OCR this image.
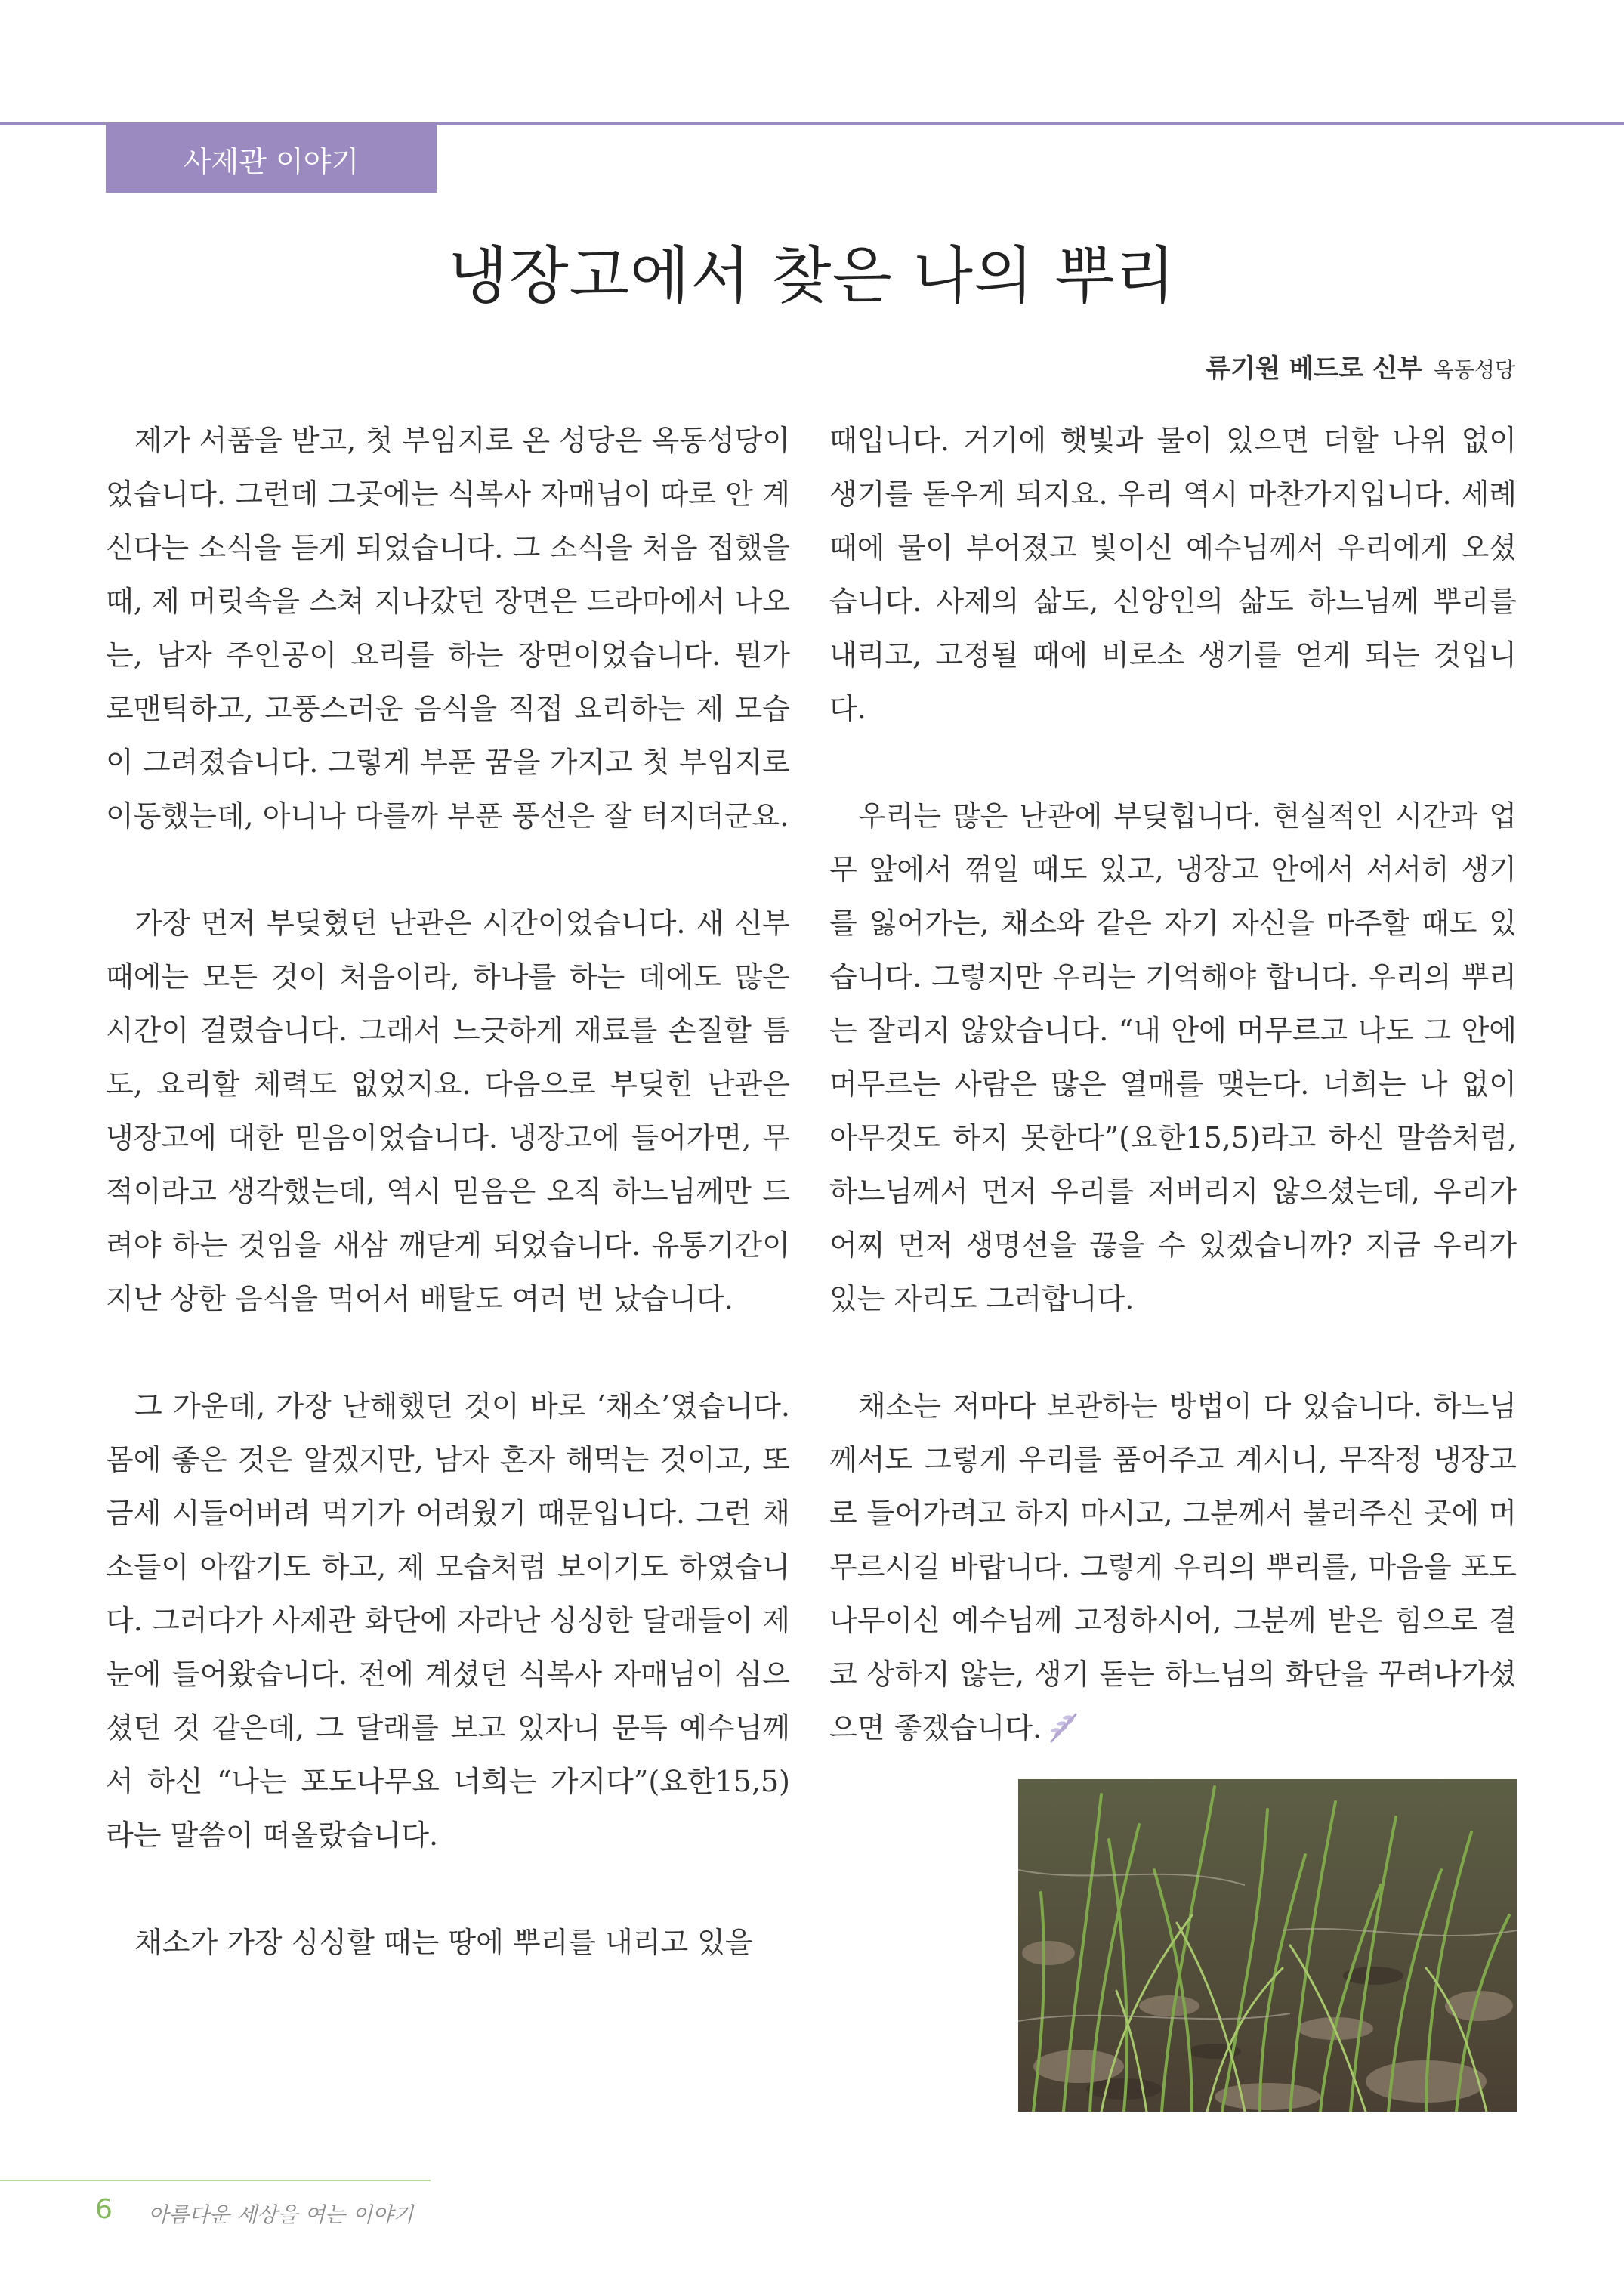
사제관 이야기
냉장고에서 찾은 나의 뿌리
류기원 베드로 신부 옥동성당

제가 서품을 받고, 첫 부임지로 온 성당은 옥동성당이었습니다. 그런데 그곳에는 식복사 자매님이 따로 안 계신다는 소식을 듣게 되었습니다. 그 소식을 처음 접했을 때, 제 머릿속을 스쳐 지나갔던 장면은 드라마에서 나오는, 남자 주인공이 요리를 하는 장면이었습니다. 뭔가 로맨틱하고, 고풍스러운 음식을 직접 요리하는 제 모습이 그려졌습니다. 그렇게 부푼 꿈을 가지고 첫 부임지로 이동했는데, 아니나 다를까 부푼 풍선은 잘 터지더군요.

가장 먼저 부딪혔던 난관은 시간이었습니다. 새 신부 때에는 모든 것이 처음이라, 하나를 하는 데에도 많은 시간이 걸렸습니다. 그래서 느긋하게 재료를 손질할 틈도, 요리할 체력도 없었지요. 다음으로 부딪힌 난관은 냉장고에 대한 믿음이었습니다. 냉장고에 들어가면, 무적이라고 생각했는데, 역시 믿음은 오직 하느님께만 드려야 하는 것임을 새삼 깨닫게 되었습니다. 유통기간이 지난 상한 음식을 먹어서 배탈도 여러 번 났습니다.

그 가운데, 가장 난해했던 것이 바로 ‘채소’였습니다. 몸에 좋은 것은 알겠지만, 남자 혼자 해먹는 것이고, 또 금세 시들어버려 먹기가 어려웠기 때문입니다. 그런 채소들이 아깝기도 하고, 제 모습처럼 보이기도 하였습니다. 그러다가 사제관 화단에 자라난 싱싱한 달래들이 제 눈에 들어왔습니다. 전에 계셨던 식복사 자매님이 심으셨던 것 같은데, 그 달래를 보고 있자니 문득 예수님께서 하신 “나는 포도나무요 너희는 가지다”(요한15,5)라는 말씀이 떠올랐습니다.

채소가 가장 싱싱할 때는 땅에 뿌리를 내리고 있을

때입니다. 거기에 햇빛과 물이 있으면 더할 나위 없이 생기를 돋우게 되지요. 우리 역시 마찬가지입니다. 세례 때에 물이 부어졌고 빛이신 예수님께서 우리에게 오셨습니다. 사제의 삶도, 신앙인의 삶도 하느님께 뿌리를 내리고, 고정될 때에 비로소 생기를 얻게 되는 것입니다.

우리는 많은 난관에 부딪힙니다. 현실적인 시간과 업무 앞에서 꺾일 때도 있고, 냉장고 안에서 서서히 생기를 잃어가는, 채소와 같은 자기 자신을 마주할 때도 있습니다. 그렇지만 우리는 기억해야 합니다. 우리의 뿌리는 잘리지 않았습니다. “내 안에 머무르고 나도 그 안에 머무르는 사람은 많은 열매를 맺는다. 너희는 나 없이 아무것도 하지 못한다”(요한15,5)라고 하신 말씀처럼, 하느님께서 먼저 우리를 저버리지 않으셨는데, 우리가 어찌 먼저 생명선을 끊을 수 있겠습니까? 지금 우리가 있는 자리도 그러합니다.

채소는 저마다 보관하는 방법이 다 있습니다. 하느님께서도 그렇게 우리를 품어주고 계시니, 무작정 냉장고로 들어가려고 하지 마시고, 그분께서 불러주신 곳에 머무르시길 바랍니다. 그렇게 우리의 뿌리를, 마음을 포도나무이신 예수님께 고정하시어, 그분께 받은 힘으로 결코 상하지 않는, 생기 돋는 하느님의 화단을 꾸려나가셨으면 좋겠습니다.

6 아름다운 세상을 여는 이야기
